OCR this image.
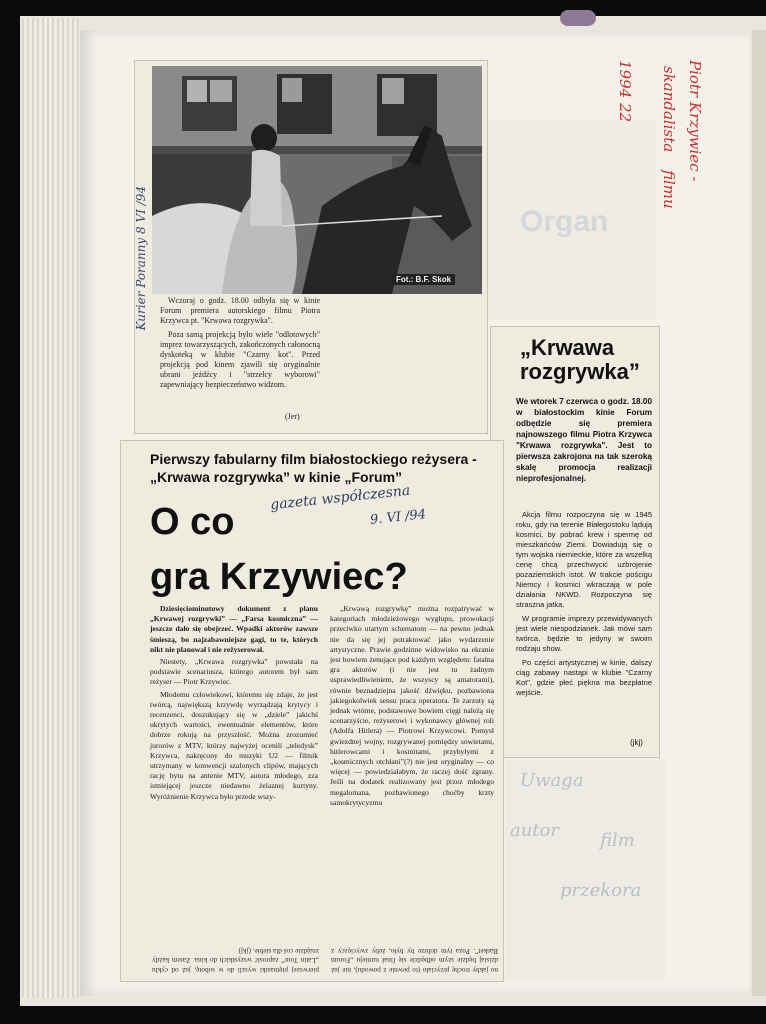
Organ
Uwaga
autor film
przekora
Fot.: B.F. Skok

Wczoraj o godz. 18.00 odbyła się w kinie Forum premiera autorskiego filmu Piotra Krzywca pt. "Krwawa rozgrywka".

Poza samą projekcją było wiele "odlotowych" imprez towarzyszących, zakończonych całonocną dyskoteką w klubie "Czarny kot". Przed projekcją pod kinem zjawili się oryginalnie ubrani jeźdźcy i "strzelcy wyborowi" zapewniający bezpieczeństwo widzom.

(Jer)
Kurier Poranny 8 VI /94
Piotr Krzywiec -
skandalista
filmu
1994 22
„Krwawa rozgrywka”
We wtorek 7 czerwca o godz. 18.00 w białostockim kinie Forum odbędzie się premiera najnowszego filmu Piotra Krzywca "Krwawa rozgrywka". Jest to pierwsza zakrojona na tak szeroką skalę promocja realizacji nieprofesjonalnej.

Akcja filmu rozpoczyna się w 1945 roku, gdy na terenie Białegostoku lądują kosmici, by pobrać krew i spermę od mieszkańców Ziemi. Dowiadują się o tym wojska niemieckie, które za wszelką cenę chcą przechwycić uzbrojenie pozaziemskich istot. W trakcie pościgu Niemcy i kosmici wkraczają w pole działania NKWD. Rozpoczyna się straszna jatka.

W programie imprezy przewidywanych jest wiele niespodzianek. Jak mówi sam twórca, będzie to jedyny w swoim rodzaju show.

Po części artystycznej w kinie, dalszy ciąg zabawy nastąpi w klubie "Czarny Kot", gdzie płeć pięknа ma bezpłatne wejście.

(jkj)
Pierwszy fabularny film białostockiego reżysera - „Krwawa rozgrywka” w kinie „Forum”
O co
gra Krzywiec?
gazeta współczesna
9. VI /94

Dziesięciominutowy dokument z planu „Krwawej rozgrywki” — „Farsa kosmiczna” — jeszcze dało się obejrzeć. Wpadki aktorów zawsze śmieszą, bo najzabawniejsze gagi, to te, których nikt nie planował i nie reżyserował.

Niestety, „Krwawa rozgrywka” powstała na podstawie scenariusza, którego autorem był sam reżyser — Piotr Krzywiec.

Młodemu człowiekowi, któremu się zdaje, że jest twórcą, największą krzywdę wyrządzają krytycy i recenzenci, doszukujący się w „dziele” jakichś ukrytych wartości, ewentualnie elementów, które dobrze rokują na przyszłość. Można zrozumieć jurorów z MTV, którzy najwyżej ocenili „teledysk” Krzywca, nakręcony do muzyki U2 — filmik utrzymany w konwencji szalonych clipów, mających rację bytu na antenie MTV, autora młodego, zza istniejącej jeszcze niedawno żelaznej kurtyny. Wyróżnienie Krzywca było przede wszy-

„Krwawą rozgrywkę” można rozpatrywać w kategoriach młodzieżowego wygłupu, prowokacji przeciwko utartym schematom — na pewno jednak nie da się jej potraktować jako wydarzenie artystyczne. Prawie godzinne widowisko na ekranie jest bowiem żenujące pod każdym względem: fatalna gra aktorów (i nie jest tu żadnym usprawiedliwieniem, że wszyscy są amatorami), równie beznadziejna jakość dźwięku, pozbawiona jakiegokolwiek sensu praca operatora. Te zarzuty są jednak wtórne, podstawowe bowiem cięgi należą się scenarzyście, reżyserowi i wykonawcy głównej roli (Adolfa Hitlera) — Piotrowi Krzywcowi. Pomysł gwiezdnej wojny, rozgrywanej pomiędzy sowietami, hitlerowcami i kosmitami, przybyłymi z „kosmicznych otchłani”(?) nie jest oryginalny — co więcej — powiedziałabym, że raczej dość zgrany. Jeśli na dodatek realizowany jest przez młodego megalomana, pozbawionego choćby krzty samokrytycyzmu

no jakby trochę przyciało (to pewnie z powodu), nie już dzisiaj będzie szym odbędzie się finał turnieju „Forum Basket”. Poza tym dobrze by było, żeby zwycięzcy z pierwszej piętnastki wyszli do w sobotę, już od cyklu „Latin Tour” zaprosić wszystkich do kina. Zatem każdy znajdzie coś dla siebie. (jkj)
